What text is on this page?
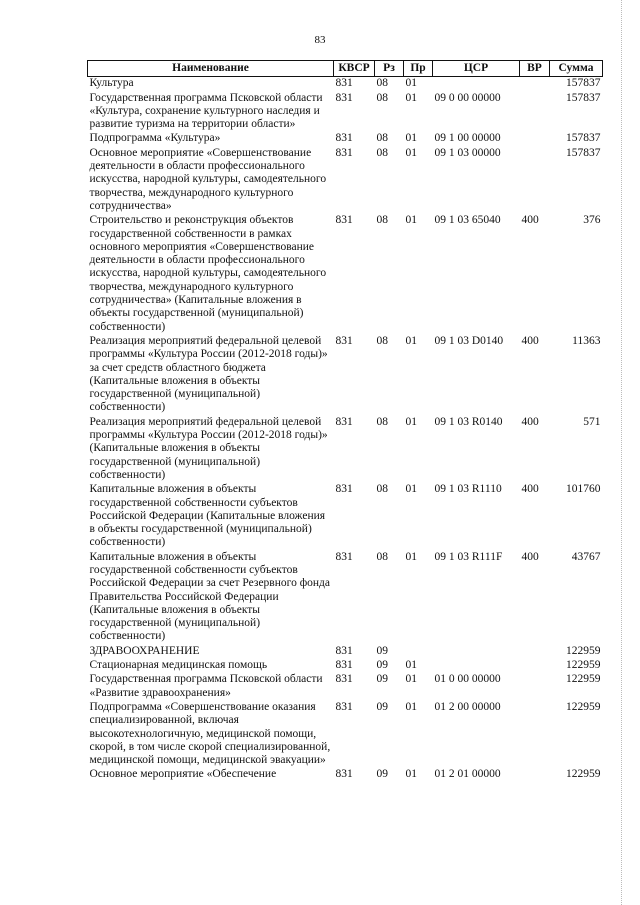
83
Наименование	КВСР	Рз	Пр	ЦСР	ВР	Сумма
Культура	831	08	01			157837
Государственная программа Псковской области «Культура, сохранение культурного наследия и развитие туризма на территории области»	831	08	01	09 0 00 00000		157837
Подпрограмма «Культура»	831	08	01	09 1 00 00000		157837
Основное мероприятие «Совершенствование деятельности в области профессионального искусства, народной культуры, самодеятельного творчества, международного культурного сотрудничества»	831	08	01	09 1 03 00000		157837
Строительство и реконструкция объектов государственной собственности в рамках основного мероприятия «Совершенствование деятельности в области профессионального искусства, народной культуры, самодеятельного творчества, международного культурного сотрудничества» (Капитальные вложения в объекты государственной (муниципальной) собственности)	831	08	01	09 1 03 65040	400	376
Реализация мероприятий федеральной целевой программы «Культура России (2012-2018 годы)» за счет средств областного бюджета (Капитальные вложения в объекты государственной (муниципальной) собственности)	831	08	01	09 1 03 D0140	400	11363
Реализация мероприятий федеральной целевой программы «Культура России (2012-2018 годы)» (Капитальные вложения в объекты государственной (муниципальной) собственности)	831	08	01	09 1 03 R0140	400	571
Капитальные вложения в объекты государственной собственности субъектов Российской Федерации (Капитальные вложения в объекты государственной (муниципальной) собственности)	831	08	01	09 1 03 R1110	400	101760
Капитальные вложения в объекты государственной собственности субъектов Российской Федерации за счет Резервного фонда Правительства Российской Федерации (Капитальные вложения в объекты государственной (муниципальной) собственности)	831	08	01	09 1 03 R111F	400	43767
ЗДРАВООХРАНЕНИЕ	831	09				122959
Стационарная медицинская помощь	831	09	01			122959
Государственная программа Псковской области «Развитие здравоохранения»	831	09	01	01 0 00 00000		122959
Подпрограмма «Совершенствование оказания специализированной, включая высокотехнологичную, медицинской помощи, скорой, в том числе скорой специализированной, медицинской помощи, медицинской эвакуации»	831	09	01	01 2 00 00000		122959
Основное мероприятие «Обеспечение	831	09	01	01 2 01 00000		122959
